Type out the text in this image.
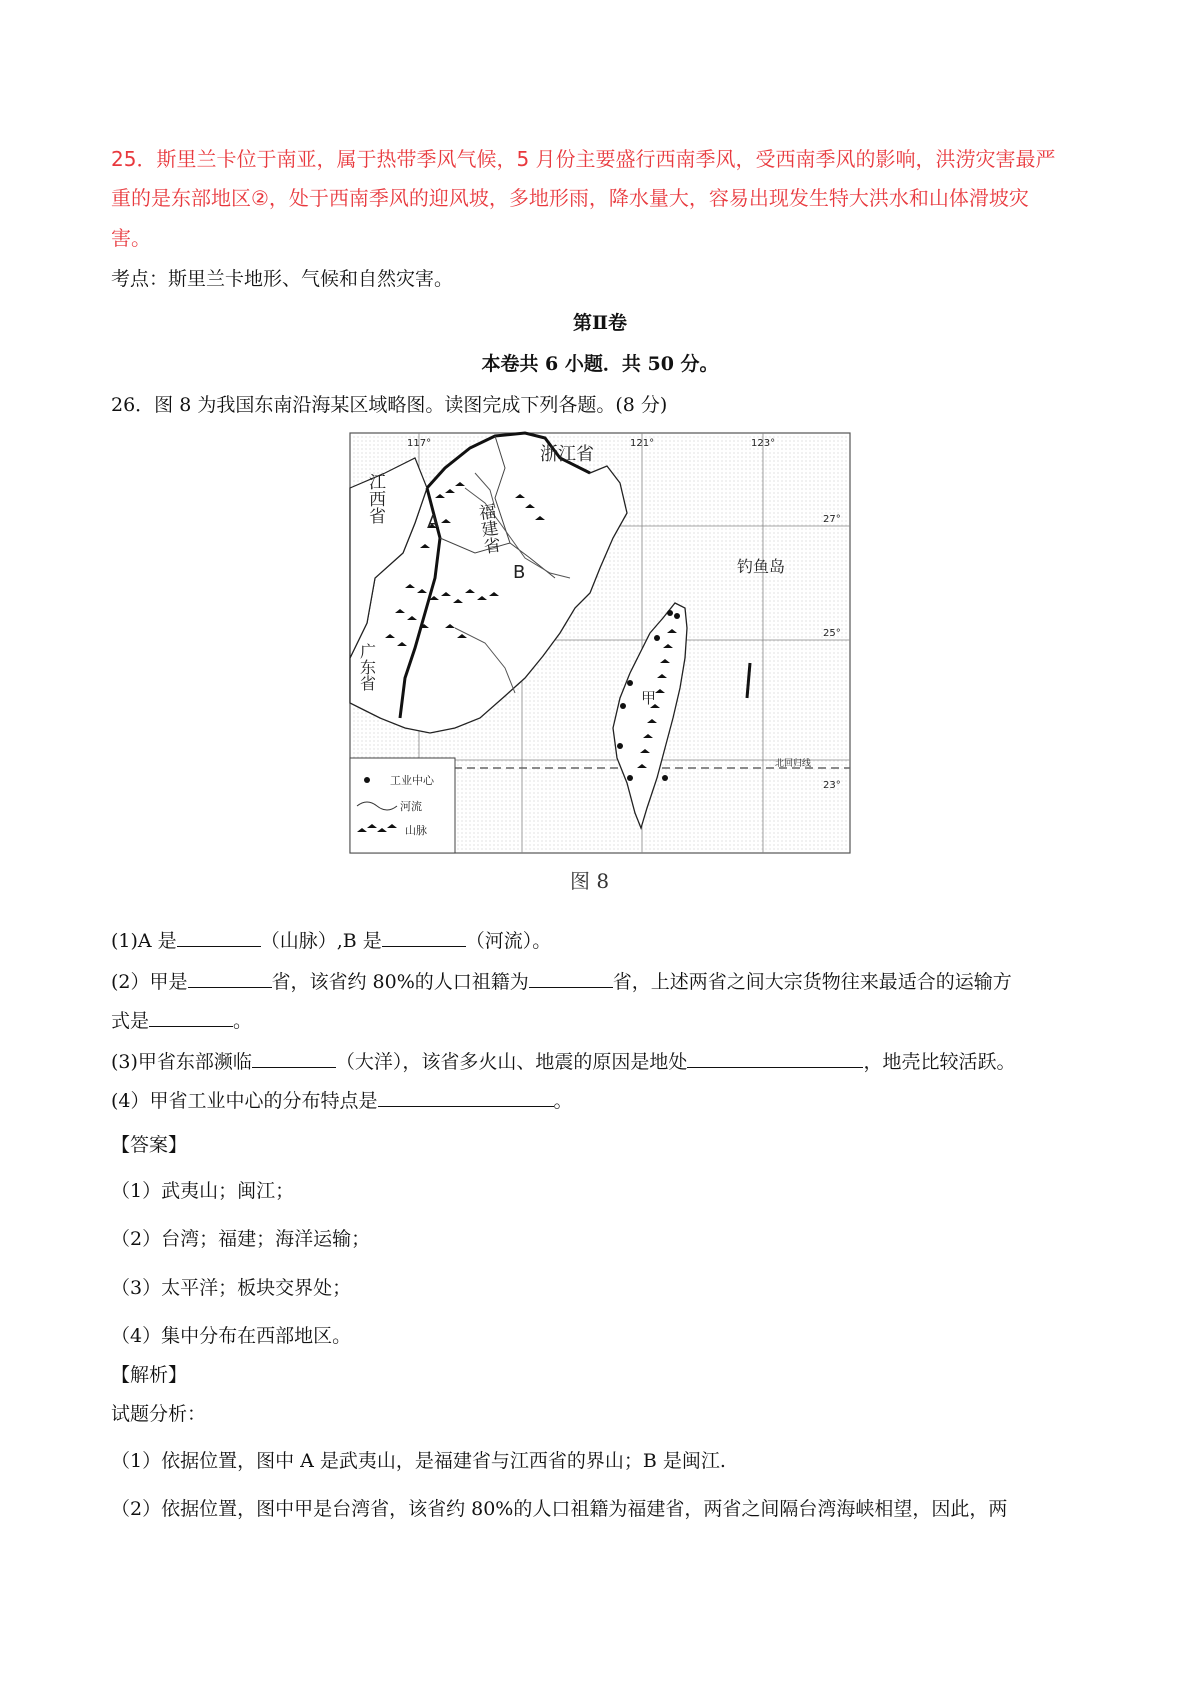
25．斯里兰卡位于南亚，属于热带季风气候，5 月份主要盛行西南季风，受西南季风的影响，洪涝灾害最严
重的是东部地区②，处于西南季风的迎风坡，多地形雨，降水量大，容易出现发生特大洪水和山体滑坡灾
害。
考点：斯里兰卡地形、气候和自然灾害。
第Ⅱ卷
本卷共 6 小题．共 50 分。
26．图 8 为我国东南沿海某区域略图。读图完成下列各题。(8 分)
117°	121°	123°
27°
25°
23°
浙江省
钓鱼岛
A
B
甲
北回归线
江西省
福建省
广东省
工业中心
河流
山脉
图 8
(1)A 是	（山脉）,B 是	（河流）。
(2）甲是	省，该省约 80%的人口祖籍为	省，上述两省之间大宗货物往来最适合的运输方
式是	。
(3)甲省东部濒临	（大洋），该省多火山、地震的原因是地处	，地壳比较活跃。
(4）甲省工业中心的分布特点是	。
【答案】
（1）武夷山；闽江；
（2）台湾；福建；海洋运输；
（3）太平洋；板块交界处；
（4）集中分布在西部地区。
【解析】
试题分析：
（1）依据位置，图中 A 是武夷山，是福建省与江西省的界山；B 是闽江.
（2）依据位置，图中甲是台湾省，该省约 80%的人口祖籍为福建省，两省之间隔台湾海峡相望，因此，两
